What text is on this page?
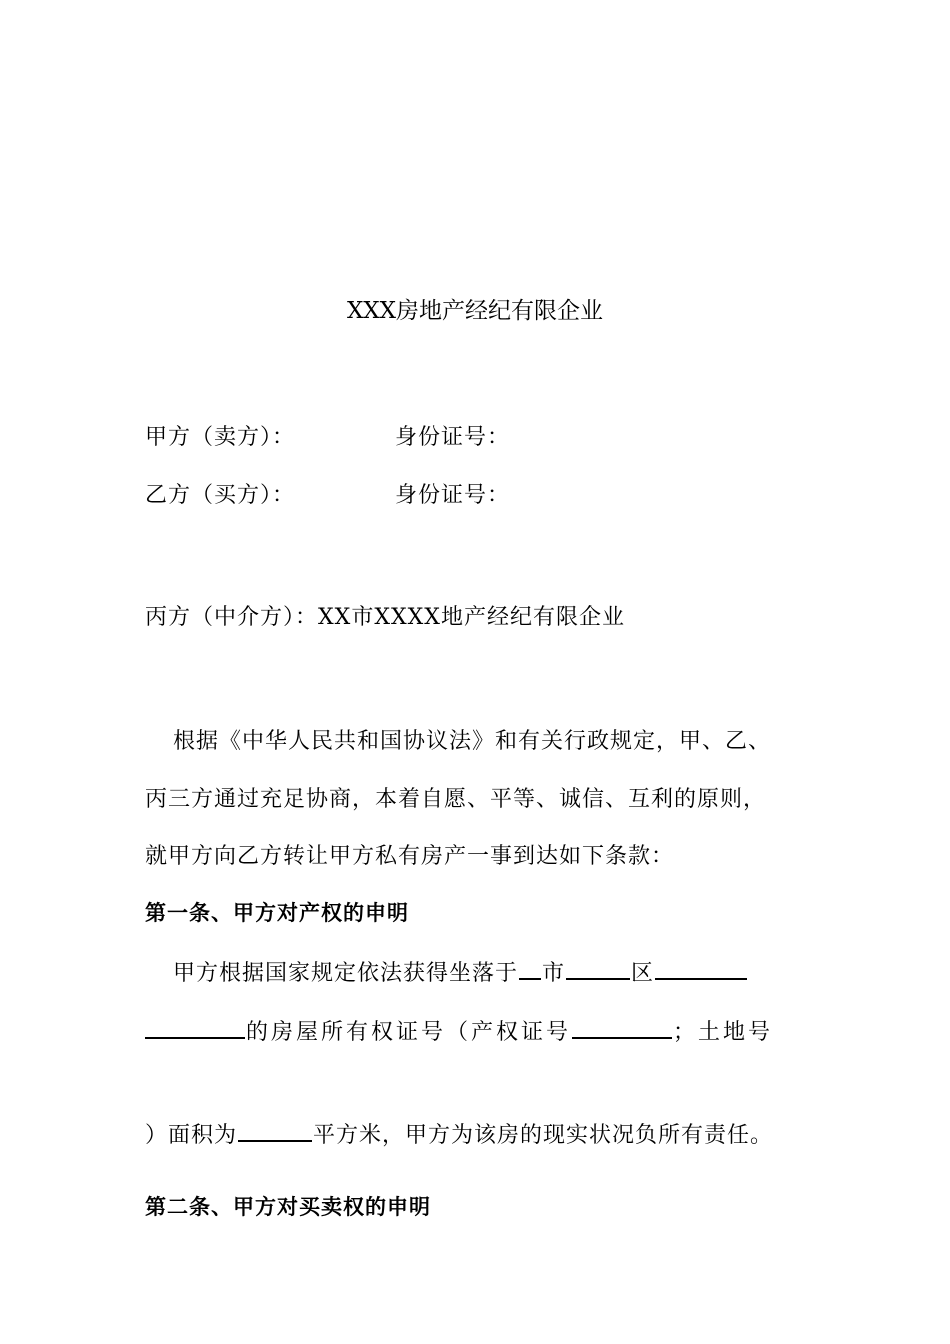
XXX房地产经纪有限企业
甲方（卖方）：	身份证号：
乙方（买方）：	身份证号：
丙方（中介方）：XX市XXXX地产经纪有限企业
根据《中华人民共和国协议法》和有关行政规定，甲、乙、
丙三方通过充足协商，本着自愿、平等、诚信、互利的原则，
就甲方向乙方转让甲方私有房产一事到达如下条款：
第一条、甲方对产权的申明
甲方根据国家规定依法获得坐落于 市	区
的房屋所有权证号（产权证号	；土地号
）面积为	平方米，甲方为该房的现实状况负所有责任。
第二条、甲方对买卖权的申明
